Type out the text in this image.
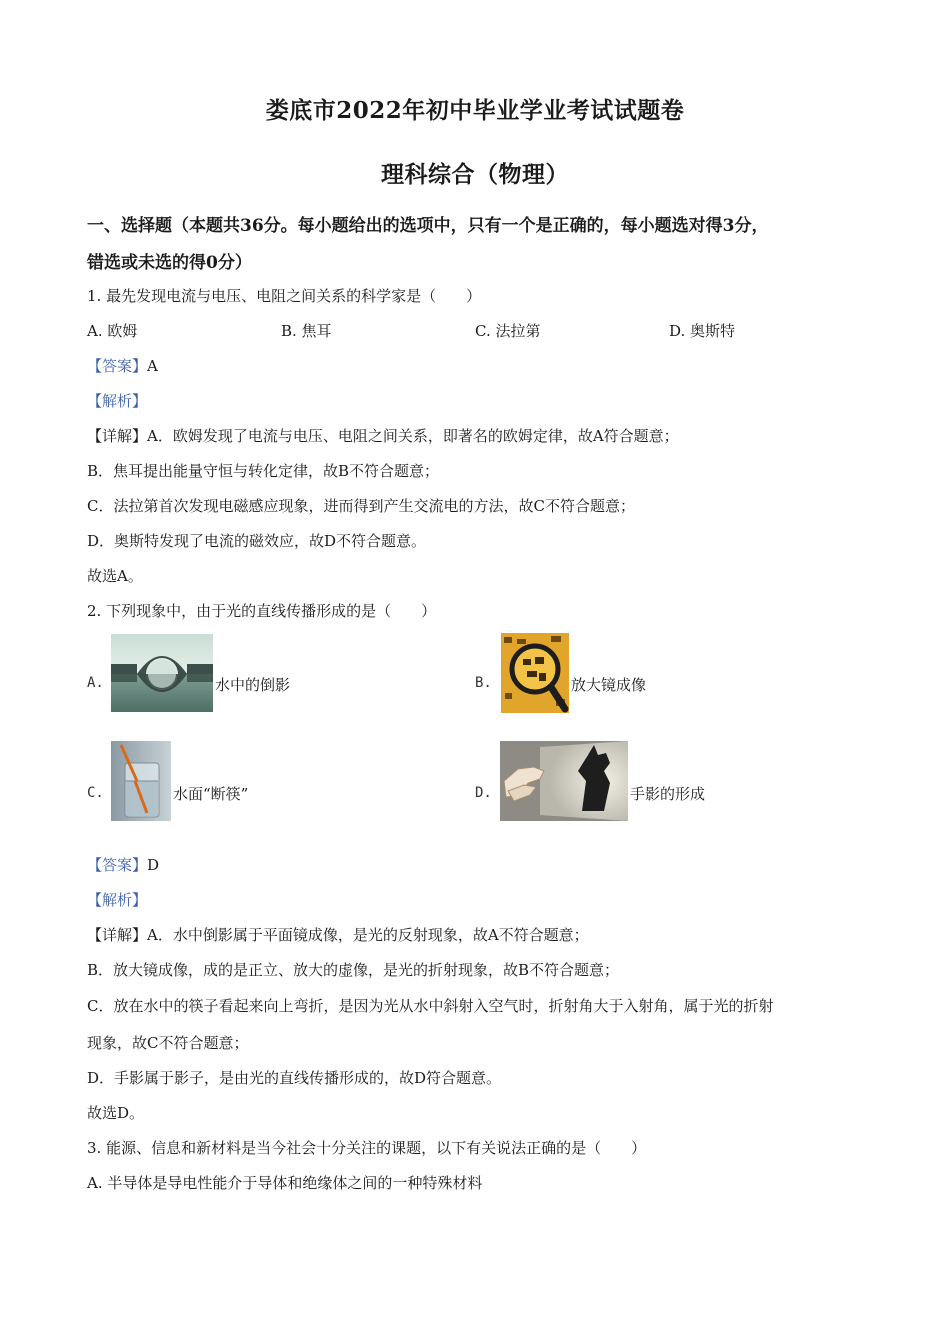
娄底市2022年初中毕业学业考试试题卷
理科综合（物理）
一、选择题（本题共36分。每小题给出的选项中，只有一个是正确的，每小题选对得3分，
错选或未选的得0分）
1. 最先发现电流与电压、电阻之间关系的科学家是（　　）
A. 欧姆	B. 焦耳	C. 法拉第	D. 奥斯特
【答案】A
【解析】
【详解】A．欧姆发现了电流与电压、电阻之间关系，即著名的欧姆定律，故A符合题意；
B．焦耳提出能量守恒与转化定律，故B不符合题意；
C．法拉第首次发现电磁感应现象，进而得到产生交流电的方法，故C不符合题意；
D．奥斯特发现了电流的磁效应，故D不符合题意。
故选A。
2. 下列现象中，由于光的直线传播形成的是（　　）
A.	水中的倒影	B.	放大镜成像
C.	水面“断筷”	D.	手影的形成
【答案】D
【解析】
【详解】A．水中倒影属于平面镜成像，是光的反射现象，故A不符合题意；
B．放大镜成像，成的是正立、放大的虚像，是光的折射现象，故B不符合题意；
C．放在水中的筷子看起来向上弯折，是因为光从水中斜射入空气时，折射角大于入射角，属于光的折射
现象，故C不符合题意；
D．手影属于影子，是由光的直线传播形成的，故D符合题意。
故选D。
3. 能源、信息和新材料是当今社会十分关注的课题，以下有关说法正确的是（　　）
A. 半导体是导电性能介于导体和绝缘体之间的一种特殊材料
